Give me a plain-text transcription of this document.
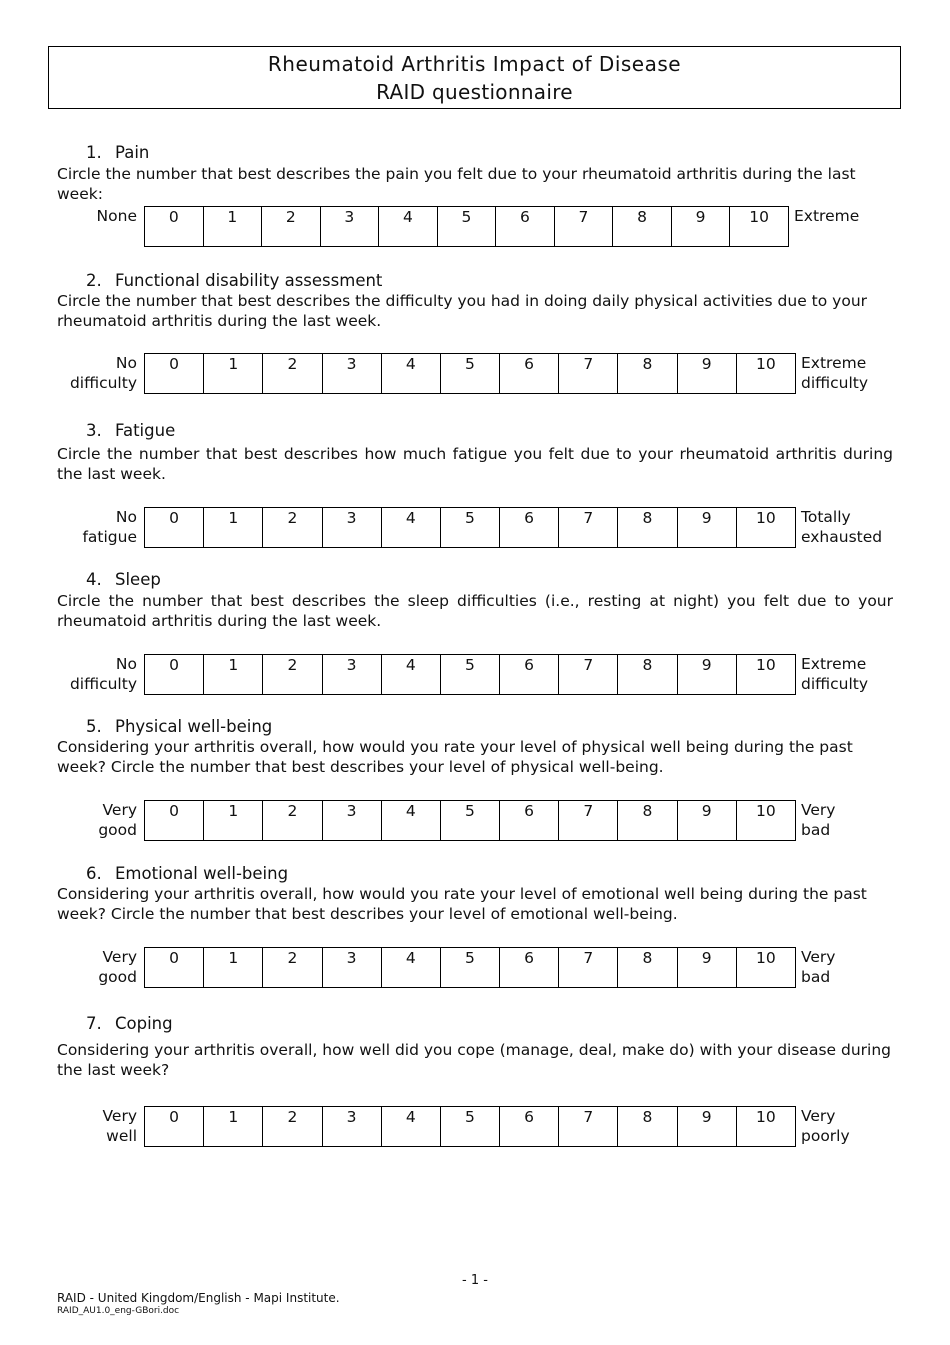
Rheumatoid Arthritis Impact of Disease
RAID questionnaire
1. Pain
Circle the number that best describes the pain you felt due to your rheumatoid arthritis during the last week:
None 0	1	2	3	4	5	6	7	8	9	10 Extreme
2. Functional disability assessment
Circle the number that best describes the difficulty you had in doing daily physical activities due to your rheumatoid arthritis during the last week.
No
difficulty
0	1	2	3	4	5	6	7	8	9	10 Extreme
difficulty
3. Fatigue
Circle the number that best describes how much fatigue you felt due to your rheumatoid arthritis during the last week.
No
fatigue
0	1	2	3	4	5	6	7	8	9	10 Totally
exhausted
4. Sleep
Circle the number that best describes the sleep difficulties (i.e., resting at night) you felt due to your rheumatoid arthritis during the last week.
No
difficulty
0	1	2	3	4	5	6	7	8	9	10 Extreme
difficulty
5. Physical well-being
Considering your arthritis overall, how would you rate your level of physical well being during the past week? Circle the number that best describes your level of physical well-being.
Very
good
0	1	2	3	4	5	6	7	8	9	10 Very
bad
6. Emotional well-being
Considering your arthritis overall, how would you rate your level of emotional well being during the past week? Circle the number that best describes your level of emotional well-being.
Very
good
0	1	2	3	4	5	6	7	8	9	10 Very
bad
7. Coping
Considering your arthritis overall, how well did you cope (manage, deal, make do) with your disease during the last week?
Very
well
0	1	2	3	4	5	6	7	8	9	10 Very
poorly
- 1 -
RAID - United Kingdom/English - Mapi Institute.
RAID_AU1.0_eng-GBori.doc
